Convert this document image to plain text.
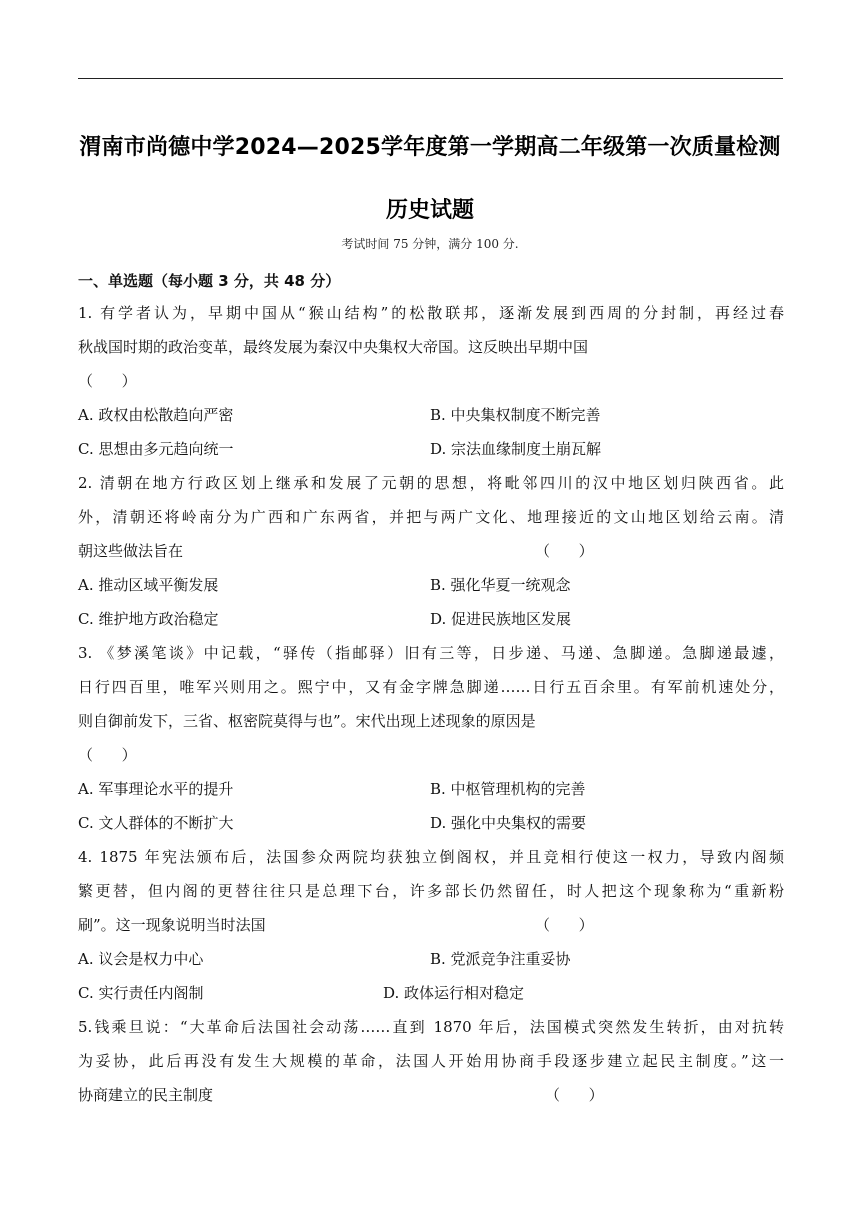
渭南市尚德中学2024—2025学年度第一学期高二年级第一次质量检测
历史试题
考试时间 75 分钟，满分 100 分.
一、单选题（每小题 3 分，共 48 分）
1. 有学者认为，早期中国从“猴山结构”的松散联邦，逐渐发展到西周的分封制，再经过春
秋战国时期的政治变革，最终发展为秦汉中央集权大帝国。这反映出早期中国
（      ）
A. 政权由松散趋向严密	B. 中央集权制度不断完善
C. 思想由多元趋向统一	D. 宗法血缘制度土崩瓦解
2. 清朝在地方行政区划上继承和发展了元朝的思想，将毗邻四川的汉中地区划归陕西省。此
外，清朝还将岭南分为广西和广东两省，并把与两广文化、地理接近的文山地区划给云南。清
朝这些做法旨在	（      ）
A. 推动区域平衡发展	B. 强化华夏一统观念
C. 维护地方政治稳定	D. 促进民族地区发展
3. 《梦溪笔谈》中记载，“驿传（指邮驿）旧有三等，日步递、马递、急脚递。急脚递最遽，
日行四百里，唯军兴则用之。熙宁中，又有金字牌急脚递……日行五百余里。有军前机速处分，
则自御前发下，三省、枢密院莫得与也”。宋代出现上述现象的原因是
（      ）
A. 军事理论水平的提升	B. 中枢管理机构的完善
C. 文人群体的不断扩大	D. 强化中央集权的需要
4. 1875 年宪法颁布后，法国参众两院均获独立倒阁权，并且竞相行使这一权力，导致内阁频
繁更替，但内阁的更替往往只是总理下台，许多部长仍然留任，时人把这个现象称为“重新粉
刷”。这一现象说明当时法国	（      ）
A. 议会是权力中心	B. 党派竞争注重妥协
C. 实行责任内阁制	D. 政体运行相对稳定
5.钱乘旦说：“大革命后法国社会动荡……直到 1870 年后，法国模式突然发生转折，由对抗转
为妥协，此后再没有发生大规模的革命，法国人开始用协商手段逐步建立起民主制度。”这一
协商建立的民主制度	（      ）
